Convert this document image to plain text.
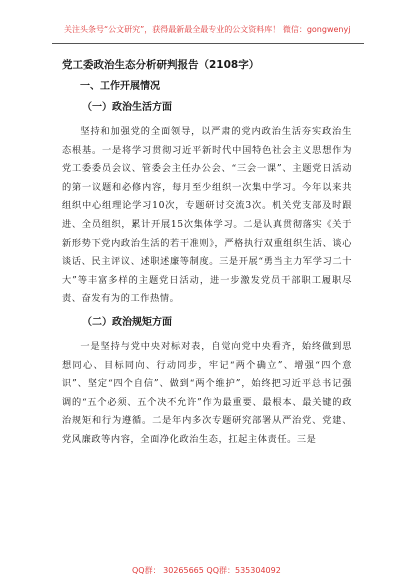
关注头条号“公文研究”，获得最新最全最专业的公文资料库！ 微信：gongwenyj
党工委政治生态分析研判报告（2108字）
一、工作开展情况
（一）政治生活方面

坚持和加强党的全面领导，以严肃的党内政治生活夯实政治生态根基。一是将学习贯彻习近平新时代中国特色社会主义思想作为党工委委员会议、管委会主任办公会、“三会一课”、主题党日活动的第一议题和必修内容，每月至少组织一次集中学习。今年以来共组织中心组理论学习10次，专题研讨交流3次。机关党支部及时跟进、全员组织，累计开展15次集体学习。二是认真贯彻落实《关于新形势下党内政治生活的若干准则》，严格执行双重组织生活、谈心谈话、民主评议、述职述廉等制度。三是开展“勇当主力军学习二十大”等丰富多样的主题党日活动，进一步激发党员干部职工履职尽责、奋发有为的工作热情。

（二）政治规矩方面

一是坚持与党中央对标对表，自觉向党中央看齐，始终做到思想同心、目标同向、行动同步，牢记“两个确立”、增强“四个意识”、坚定“四个自信”、做到“两个维护”，始终把习近平总书记强调的“五个必须、五个决不允许”作为最重要、最根本、最关键的政治规矩和行为遵循。二是年内多次专题研究部署从严治党、党建、党风廉政等内容，全面净化政治生态，扛起主体责任。三是

QQ群： 30265665 QQ群：535304092
